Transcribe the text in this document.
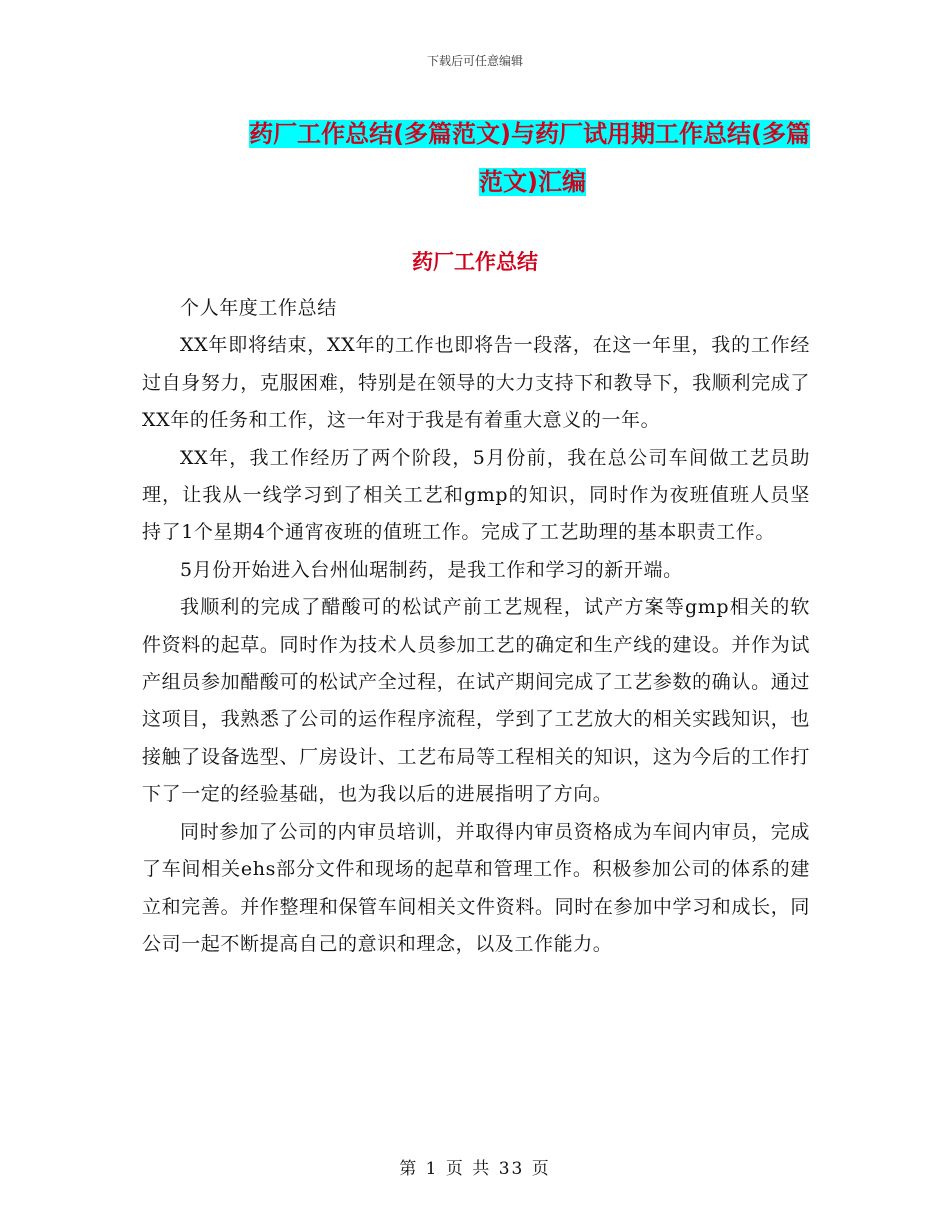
下载后可任意编辑
药厂工作总结(多篇范文)与药厂试用期工作总结(多篇
范文)汇编
药厂工作总结

个人年度工作总结

XX年即将结束，XX年的工作也即将告一段落，在这一年里，我的工作经过自身努力，克服困难，特别是在领导的大力支持下和教导下，我顺利完成了XX年的任务和工作，这一年对于我是有着重大意义的一年。

XX年，我工作经历了两个阶段，5月份前，我在总公司车间做工艺员助理，让我从一线学习到了相关工艺和gmp的知识，同时作为夜班值班人员坚持了1个星期4个通宵夜班的值班工作。完成了工艺助理的基本职责工作。

5月份开始进入台州仙琚制药，是我工作和学习的新开端。

我顺利的完成了醋酸可的松试产前工艺规程，试产方案等gmp相关的软件资料的起草。同时作为技术人员参加工艺的确定和生产线的建设。并作为试产组员参加醋酸可的松试产全过程，在试产期间完成了工艺参数的确认。通过这项目，我熟悉了公司的运作程序流程，学到了工艺放大的相关实践知识，也接触了设备选型、厂房设计、工艺布局等工程相关的知识，这为今后的工作打下了一定的经验基础，也为我以后的进展指明了方向。

同时参加了公司的内审员培训，并取得内审员资格成为车间内审员，完成了车间相关ehs部分文件和现场的起草和管理工作。积极参加公司的体系的建立和完善。并作整理和保管车间相关文件资料。同时在参加中学习和成长，同公司一起不断提高自己的意识和理念，以及工作能力。

第 1 页 共 33 页
